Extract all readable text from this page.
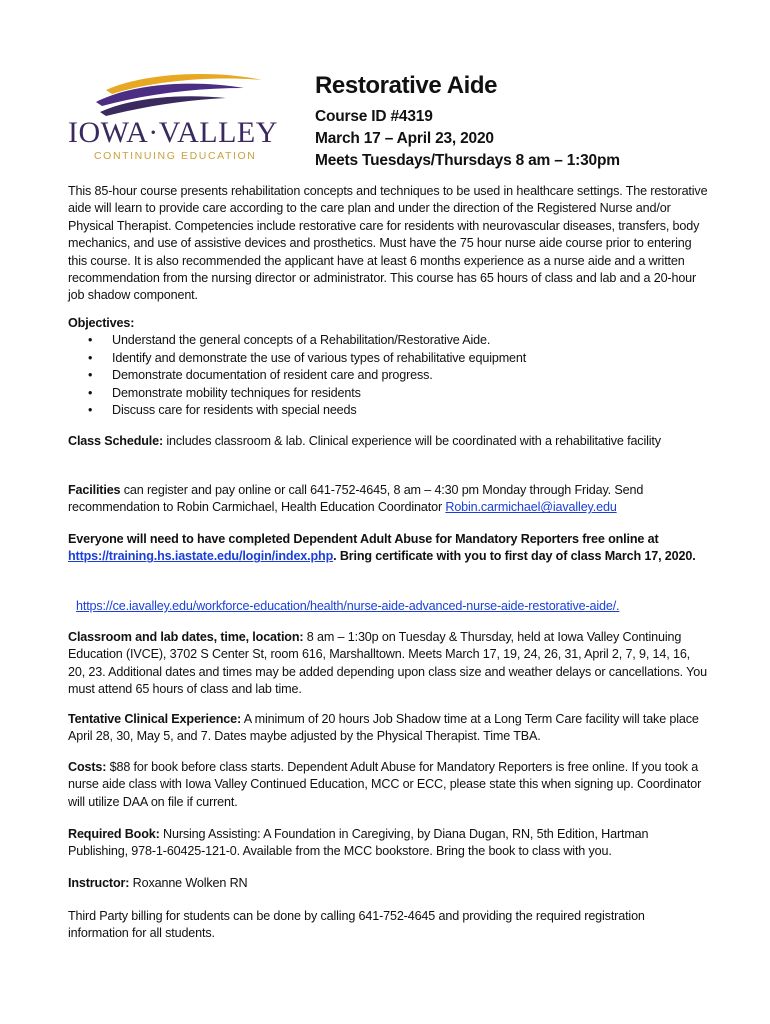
IOWA·VALLEY
CONTINUING EDUCATION
Restorative Aide
Course ID #4319
March 17 – April 23, 2020
Meets Tuesdays/Thursdays 8 am – 1:30pm

This 85-hour course presents rehabilitation concepts and techniques to be used in healthcare settings. The restorative aide will learn to provide care according to the care plan and under the direction of the Registered Nurse and/or Physical Therapist. Competencies include restorative care for residents with neurovascular diseases, transfers, body mechanics, and use of assistive devices and prosthetics. Must have the 75 hour nurse aide course prior to entering this course. It is also recommended the applicant have at least 6 months experience as a nurse aide and a written recommendation from the nursing director or administrator. This course has 65 hours of class and lab and a 20-hour job shadow component.

Objectives:

• Understand the general concepts of a Rehabilitation/Restorative Aide.
• Identify and demonstrate the use of various types of rehabilitative equipment
• Demonstrate documentation of resident care and progress.
• Demonstrate mobility techniques for residents
• Discuss care for residents with special needs

Class Schedule: includes classroom & lab. Clinical experience will be coordinated with a rehabilitative facility

Facilities can register and pay online or call 641-752-4645, 8 am – 4:30 pm Monday through Friday. Send recommendation to Robin Carmichael, Health Education Coordinator Robin.carmichael@iavalley.edu

Everyone will need to have completed Dependent Adult Abuse for Mandatory Reporters free online at https://training.hs.iastate.edu/login/index.php. Bring certificate with you to first day of class March 17, 2020.

https://ce.iavalley.edu/workforce-education/health/nurse-aide-advanced-nurse-aide-restorative-aide/.

Classroom and lab dates, time, location: 8 am – 1:30p on Tuesday & Thursday, held at Iowa Valley Continuing Education (IVCE), 3702 S Center St, room 616, Marshalltown. Meets March 17, 19, 24, 26, 31, April 2, 7, 9, 14, 16, 20, 23. Additional dates and times may be added depending upon class size and weather delays or cancellations. You must attend 65 hours of class and lab time.

Tentative Clinical Experience: A minimum of 20 hours Job Shadow time at a Long Term Care facility will take place April 28, 30, May 5, and 7. Dates maybe adjusted by the Physical Therapist. Time TBA.

Costs: $88 for book before class starts. Dependent Adult Abuse for Mandatory Reporters is free online. If you took a nurse aide class with Iowa Valley Continued Education, MCC or ECC, please state this when signing up. Coordinator will utilize DAA on file if current.

Required Book: Nursing Assisting: A Foundation in Caregiving, by Diana Dugan, RN, 5th Edition, Hartman Publishing, 978-1-60425-121-0. Available from the MCC bookstore. Bring the book to class with you.

Instructor: Roxanne Wolken RN

Third Party billing for students can be done by calling 641-752-4645 and providing the required registration information for all students.
